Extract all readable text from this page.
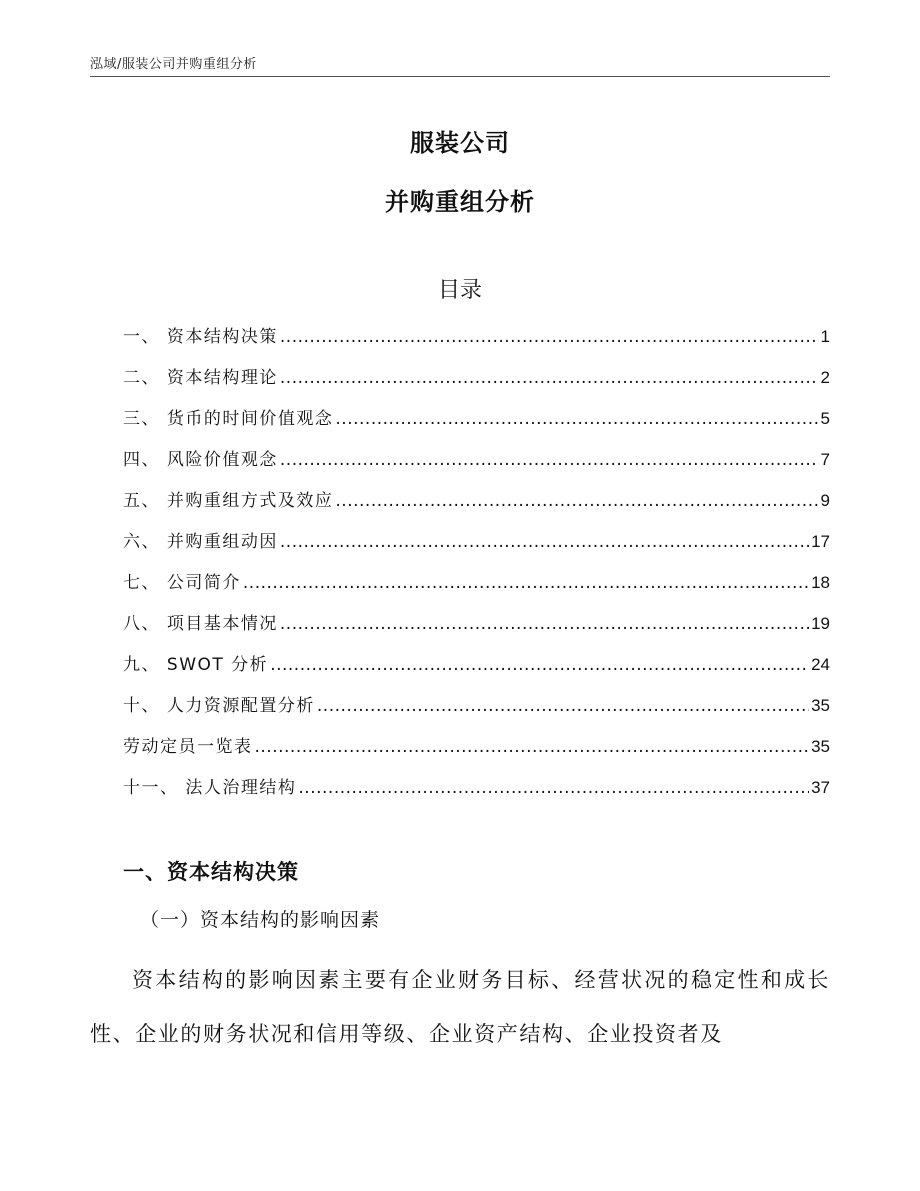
泓域/服装公司并购重组分析
服装公司
并购重组分析
目录
一、 资本结构决策 .....	1
二、 资本结构理论 .....	2
三、 货币的时间价值观念 .....	5
四、 风险价值观念 .....	7
五、 并购重组方式及效应 .....	9
六、 并购重组动因 .....	17
七、 公司简介 .....	18
八、 项目基本情况 .....	19
九、 SWOT 分析 .....	24
十、 人力资源配置分析 .....	35
劳动定员一览表 .....	35
十一、 法人治理结构 .....	37
一、资本结构决策
（一）资本结构的影响因素
资本结构的影响因素主要有企业财务目标、经营状况的稳定性和成长性、企业的财务状况和信用等级、企业资产结构、企业投资者及
